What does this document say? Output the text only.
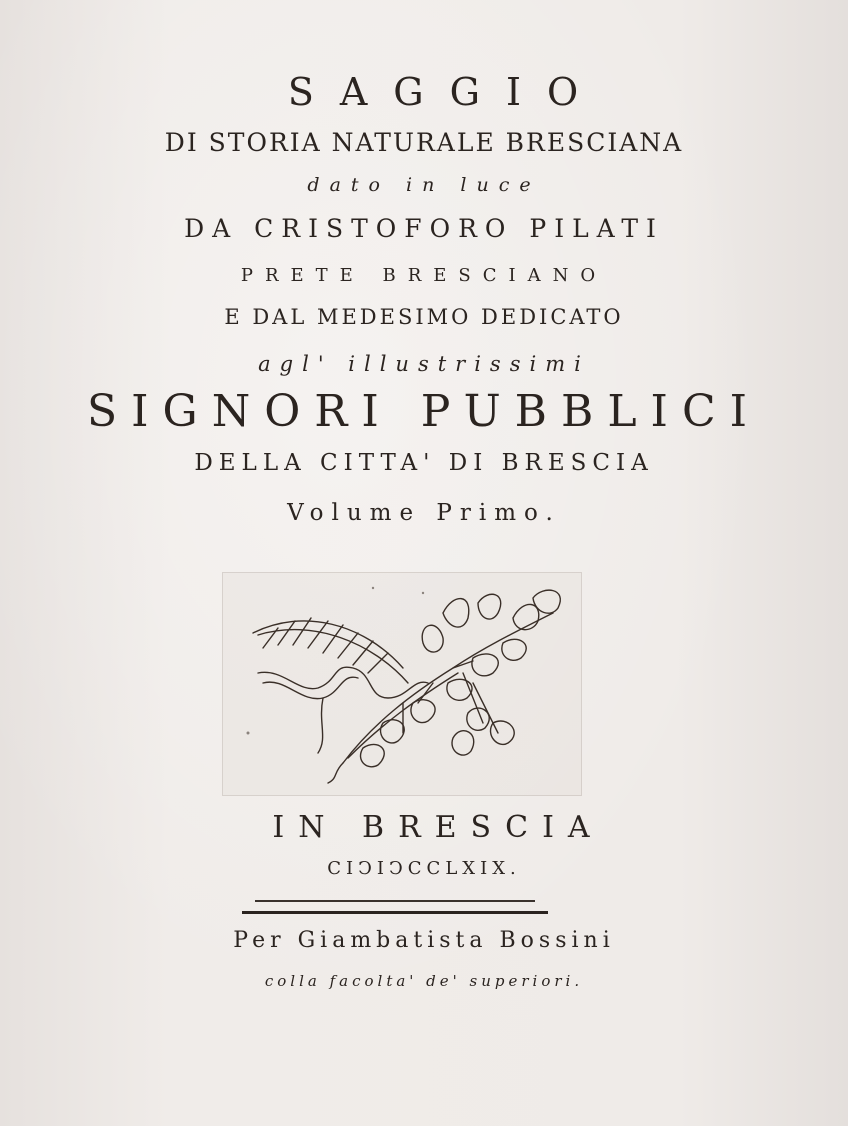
SAGGIO
DI STORIA NATURALE BRESCIANA
dato in luce
DA CRISTOFORO PILATI
PRETE BRESCIANO
E DAL MEDESIMO DEDICATO
agl' illustrissimi
SIGNORI PUBBLICI
DELLA CITTA' DI BRESCIA
Volume Primo.
IN BRESCIA
CIↃIↃCCLXIX.
Per Giambatista Bossini
colla facolta' de' superiori.
